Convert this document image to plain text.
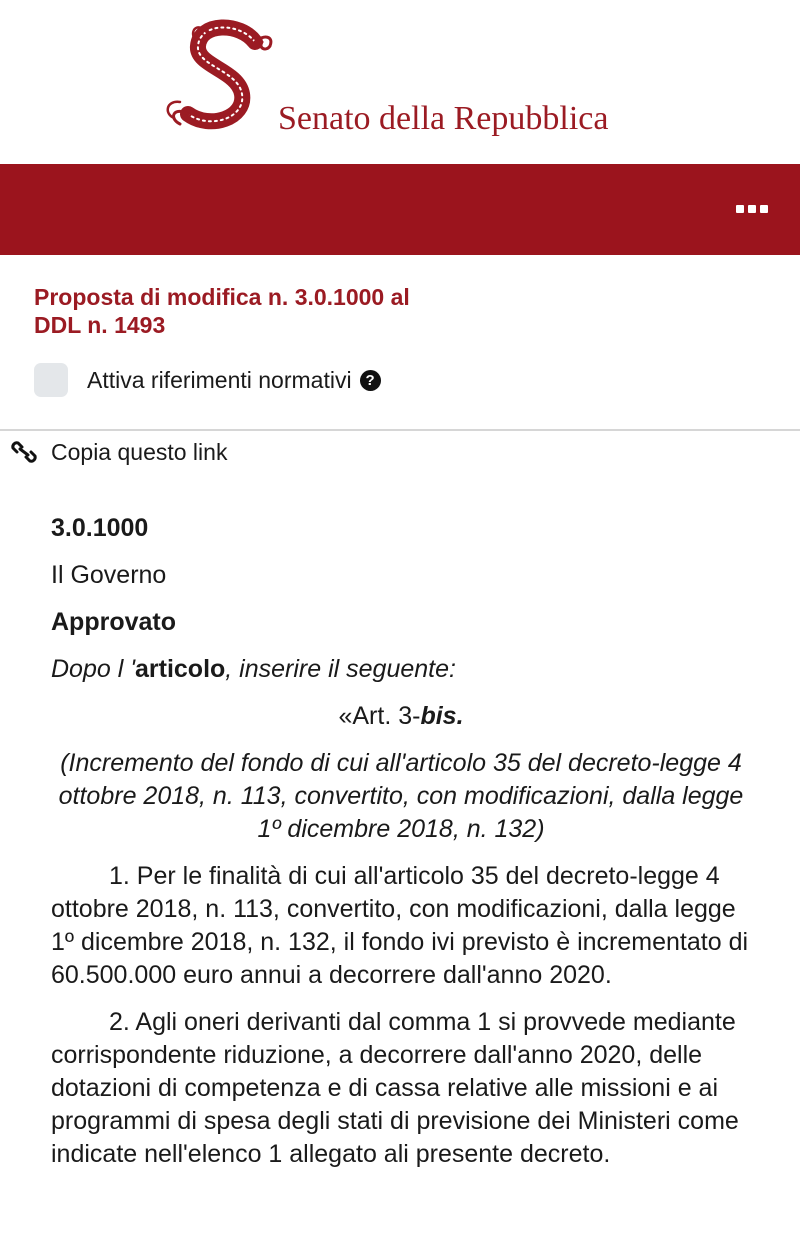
Senato della Repubblica
Proposta di modifica n. 3.0.1000 al
DDL n. 1493
Attiva riferimenti normativi ?
Copia questo link
3.0.1000
Il Governo
Approvato
Dopo l 'articolo, inserire il seguente:
«Art. 3-bis.
(Incremento del fondo di cui all'articolo 35 del decreto-legge 4 ottobre 2018, n. 113, convertito, con modificazioni, dalla legge 1º dicembre 2018, n. 132)
1. Per le finalità di cui all'articolo 35 del decreto-legge 4 ottobre 2018, n. 113, convertito, con modificazioni, dalla legge 1º dicembre 2018, n. 132, il fondo ivi previsto è incrementato di 60.500.000 euro annui a decorrere dall'anno 2020.
2. Agli oneri derivanti dal comma 1 si provvede mediante corrispondente riduzione, a decorrere dall'anno 2020, delle dotazioni di competenza e di cassa relative alle missioni e ai programmi di spesa degli stati di previsione dei Ministeri come indicate nell'elenco 1 allegato ali presente decreto.
